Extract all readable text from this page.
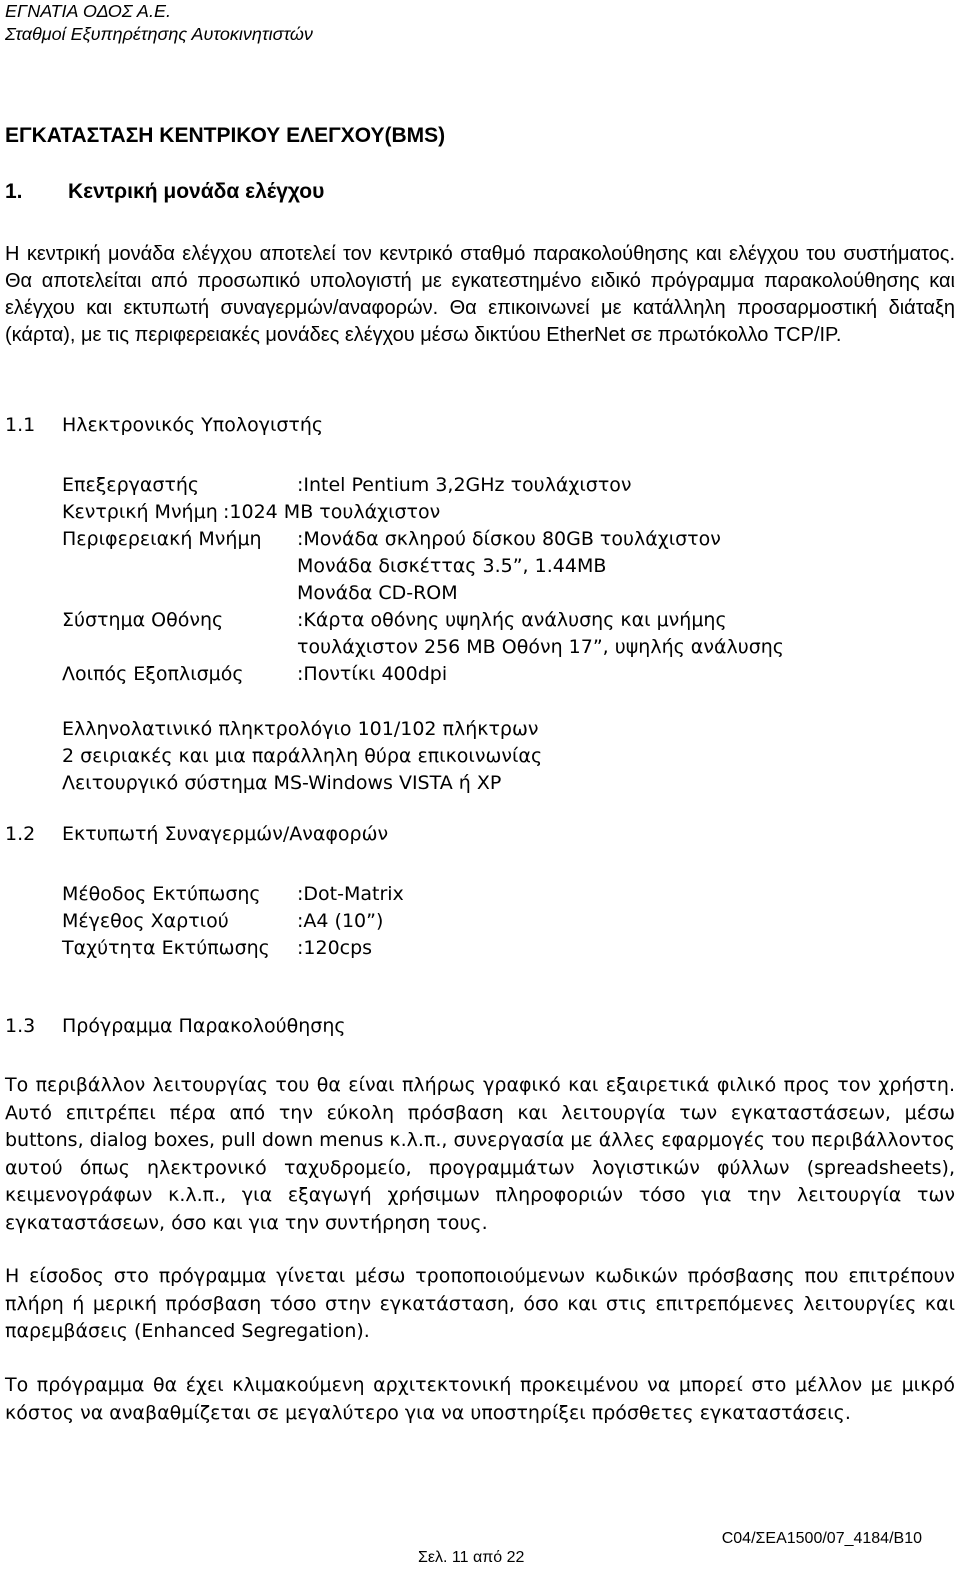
ΕΓΝΑΤΙΑ ΟΔΟΣ Α.Ε.
Σταθμοί Εξυπηρέτησης Αυτοκινητιστών
ΕΓΚΑΤΑΣΤΑΣΗ ΚΕΝΤΡΙΚΟΥ ΕΛΕΓΧΟΥ(BMS)
1. Κεντρική μονάδα ελέγχου
Η κεντρική μονάδα ελέγχου αποτελεί τον κεντρικό σταθμό παρακολούθησης και ελέγχου του συστήματος. Θα αποτελείται από προσωπικό υπολογιστή με εγκατεστημένο ειδικό πρόγραμμα παρακολούθησης και ελέγχου και εκτυπωτή συναγερμών/αναφορών. Θα επικοινωνεί με κατάλληλη προσαρμοστική διάταξη (κάρτα), με τις περιφερειακές μονάδες ελέγχου μέσω δικτύου EtherNet σε πρωτόκολλο TCP/IP.
1.1 Ηλεκτρονικός Υπολογιστής
Επεξεργαστής	:Intel Pentium 3,2GHz τουλάχιστον
Κεντρική Μνήμη :1024 MB τουλάχιστον
Περιφερειακή Μνήμη :Μονάδα σκληρού δίσκου 80GB τουλάχιστον
Μονάδα δισκέττας 3.5”, 1.44MB
Μονάδα CD-ROM
Σύστημα Οθόνης	:Κάρτα οθόνης υψηλής ανάλυσης και μνήμης
τουλάχιστον 256 MB Οθόνη 17”, υψηλής ανάλυσης
Λοιπός Εξοπλισμός	:Ποντίκι 400dpi
Ελληνολατινικό πληκτρολόγιο 101/102 πλήκτρων
2 σειριακές και μια παράλληλη θύρα επικοινωνίας
Λειτουργικό σύστημα MS-Windows VISTA ή XP
1.2 Εκτυπωτή Συναγερμών/Αναφορών
Μέθοδος Εκτύπωσης :Dot-Matrix
Μέγεθος Χαρτιού	:A4 (10”)
Ταχύτητα Εκτύπωσης :120cps
1.3 Πρόγραμμα Παρακολούθησης
Το περιβάλλον λειτουργίας του θα είναι πλήρως γραφικό και εξαιρετικά φιλικό προς τον χρήστη. Αυτό επιτρέπει πέρα από την εύκολη πρόσβαση και λειτουργία των εγκαταστάσεων, μέσω buttons, dialog boxes, pull down menus κ.λ.π., συνεργασία με άλλες εφαρμογές του περιβάλλοντος αυτού όπως ηλεκτρονικό ταχυδρομείο, προγραμμάτων λογιστικών φύλλων (spreadsheets), κειμενογράφων κ.λ.π., για εξαγωγή χρήσιμων πληροφοριών τόσο για την λειτουργία των εγκαταστάσεων, όσο και για την συντήρηση τους.
Η είσοδος στο πρόγραμμα γίνεται μέσω τροποποιούμενων κωδικών πρόσβασης που επιτρέπουν πλήρη ή μερική πρόσβαση τόσο στην εγκατάσταση, όσο και στις επιτρεπόμενες λειτουργίες και παρεμβάσεις (Enhanced Segregation).
Το πρόγραμμα θα έχει κλιμακούμενη αρχιτεκτονική προκειμένου να μπορεί στο μέλλον με μικρό κόστος να αναβαθμίζεται σε μεγαλύτερο για να υποστηρίξει πρόσθετες εγκαταστάσεις.
C04/ΣΕΑ1500/07_4184/B10
Σελ. 11 από 22
